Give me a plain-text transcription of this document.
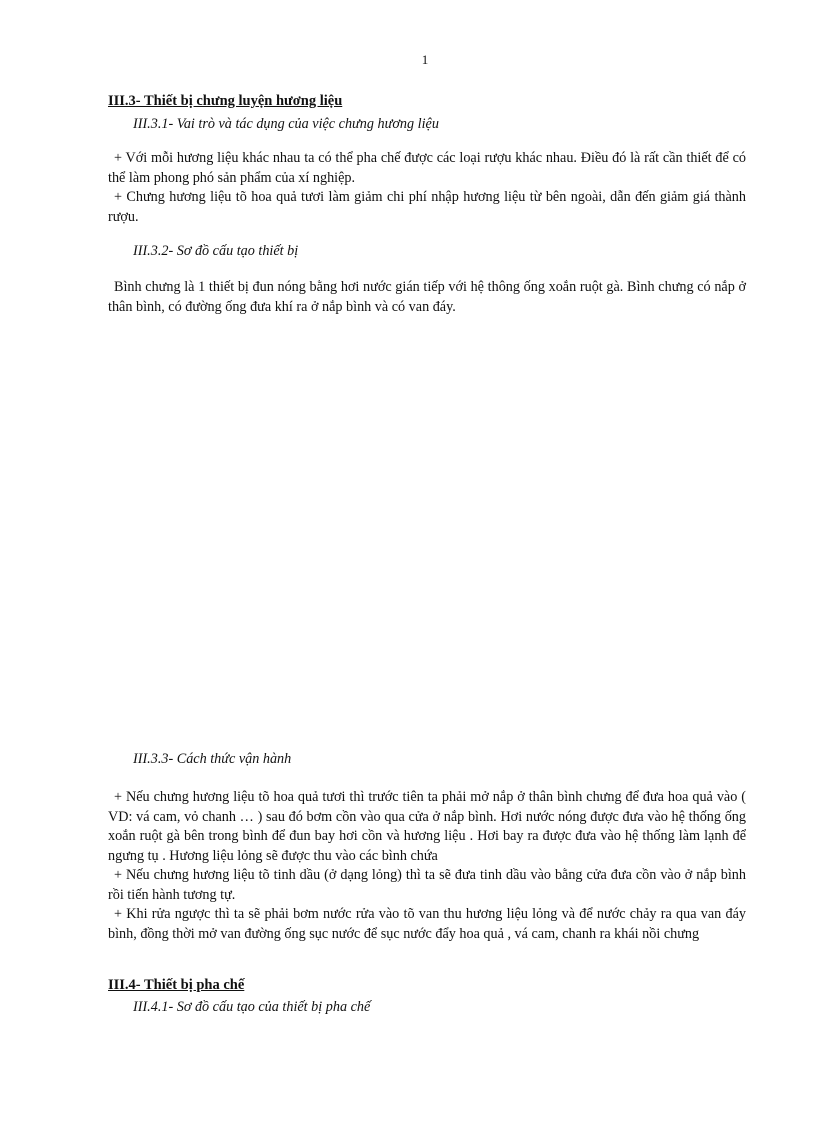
1
III.3- Thiết bị chưng luyện hương liệu
III.3.1- Vai trò và tác dụng của việc chưng hương liệu

+ Với mỗi hương liệu khác nhau ta có thể pha chế được các loại rượu khác nhau. Điều đó là rất cần thiết để có thể làm phong phó sản phẩm của xí nghiệp.

+ Chưng hương liệu tõ hoa quả tươi làm giảm chi phí nhập hương liệu từ bên ngoài, dẫn đến giảm giá thành rượu.

III.3.2- Sơ đồ cấu tạo thiết bị

Bình chưng là 1 thiết bị đun nóng bằng hơi nước gián tiếp với hệ thông ống xoắn ruột gà. Bình chưng có nắp ở thân bình, có đường ống đưa khí ra ở nắp bình và có van đáy.

III.3.3- Cách thức vận hành

+ Nếu chưng hương liệu tõ hoa quả tươi thì trước tiên ta phải mở nắp ở thân bình chưng để đưa hoa quả vào ( VD: vá cam, vỏ chanh … ) sau đó bơm cồn vào qua cửa ở nắp bình. Hơi nước nóng được đưa vào hệ thống ống xoắn ruột gà bên trong bình để đun bay hơi cồn và hương liệu . Hơi bay ra được đưa vào hệ thống làm lạnh để ngưng tụ . Hương liệu lỏng sẽ được thu vào các bình chứa

+ Nếu chưng hương liệu tõ tinh dầu (ở dạng lỏng) thì ta sẽ đưa tinh dầu vào bằng cửa đưa cồn vào ở nắp bình rồi tiến hành tương tự.

+ Khi rửa ngược thì ta sẽ phải bơm nước rửa vào tõ van thu hương liệu lỏng và để nước chảy ra qua van đáy bình, đồng thời mở van đường ống sục nước để sục nước đẩy hoa quả , vá cam, chanh ra khái nồi chưng

III.4- Thiết bị pha chế
III.4.1- Sơ đồ cấu tạo của thiết bị pha chế
